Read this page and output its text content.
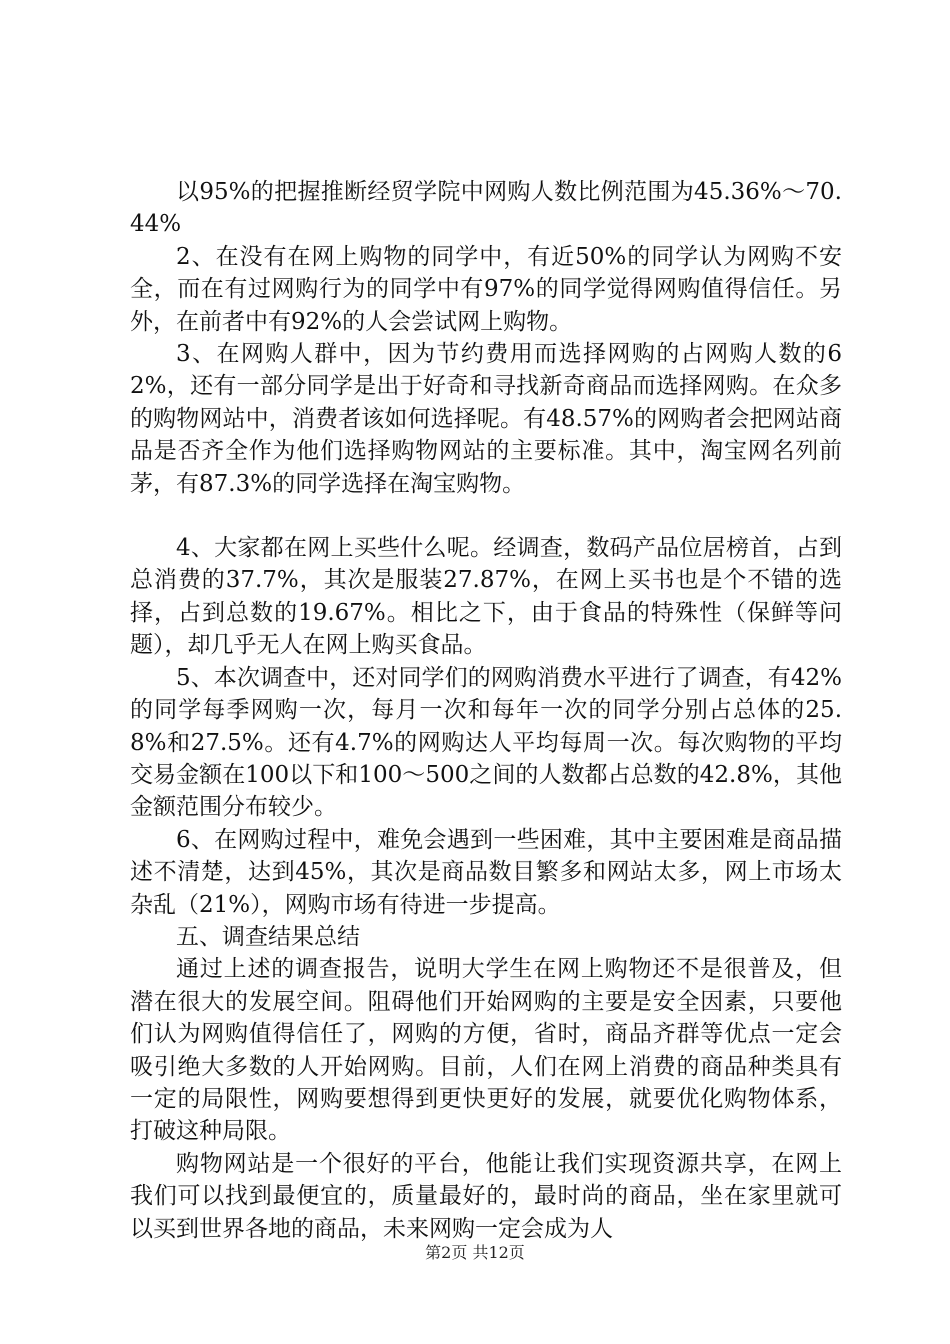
以95%的把握推断经贸学院中网购人数比例范围为45.36%～70.44%

2、在没有在网上购物的同学中，有近50%的同学认为网购不安全，而在有过网购行为的同学中有97%的同学觉得网购值得信任。另外，在前者中有92%的人会尝试网上购物。

3、在网购人群中，因为节约费用而选择网购的占网购人数的62%，还有一部分同学是出于好奇和寻找新奇商品而选择网购。在众多的购物网站中，消费者该如何选择呢。有48.57%的网购者会把网站商品是否齐全作为他们选择购物网站的主要标准。其中，淘宝网名列前茅，有87.3%的同学选择在淘宝购物。

4、大家都在网上买些什么呢。经调查，数码产品位居榜首，占到总消费的37.7%，其次是服装27.87%，在网上买书也是个不错的选择，占到总数的19.67%。相比之下，由于食品的特殊性（保鲜等问题），却几乎无人在网上购买食品。

5、本次调查中，还对同学们的网购消费水平进行了调查，有42%的同学每季网购一次，每月一次和每年一次的同学分别占总体的25.8%和27.5%。还有4.7%的网购达人平均每周一次。每次购物的平均交易金额在100以下和100～500之间的人数都占总数的42.8%，其他金额范围分布较少。

6、在网购过程中，难免会遇到一些困难，其中主要困难是商品描述不清楚，达到45%，其次是商品数目繁多和网站太多，网上市场太杂乱（21%），网购市场有待进一步提高。

五、调查结果总结

通过上述的调查报告，说明大学生在网上购物还不是很普及，但潜在很大的发展空间。阻碍他们开始网购的主要是安全因素，只要他们认为网购值得信任了，网购的方便，省时，商品齐群等优点一定会吸引绝大多数的人开始网购。目前，人们在网上消费的商品种类具有一定的局限性，网购要想得到更快更好的发展，就要优化购物体系，打破这种局限。

购物网站是一个很好的平台，他能让我们实现资源共享，在网上我们可以找到最便宜的，质量最好的，最时尚的商品，坐在家里就可以买到世界各地的商品，未来网购一定会成为人

第2页 共12页
